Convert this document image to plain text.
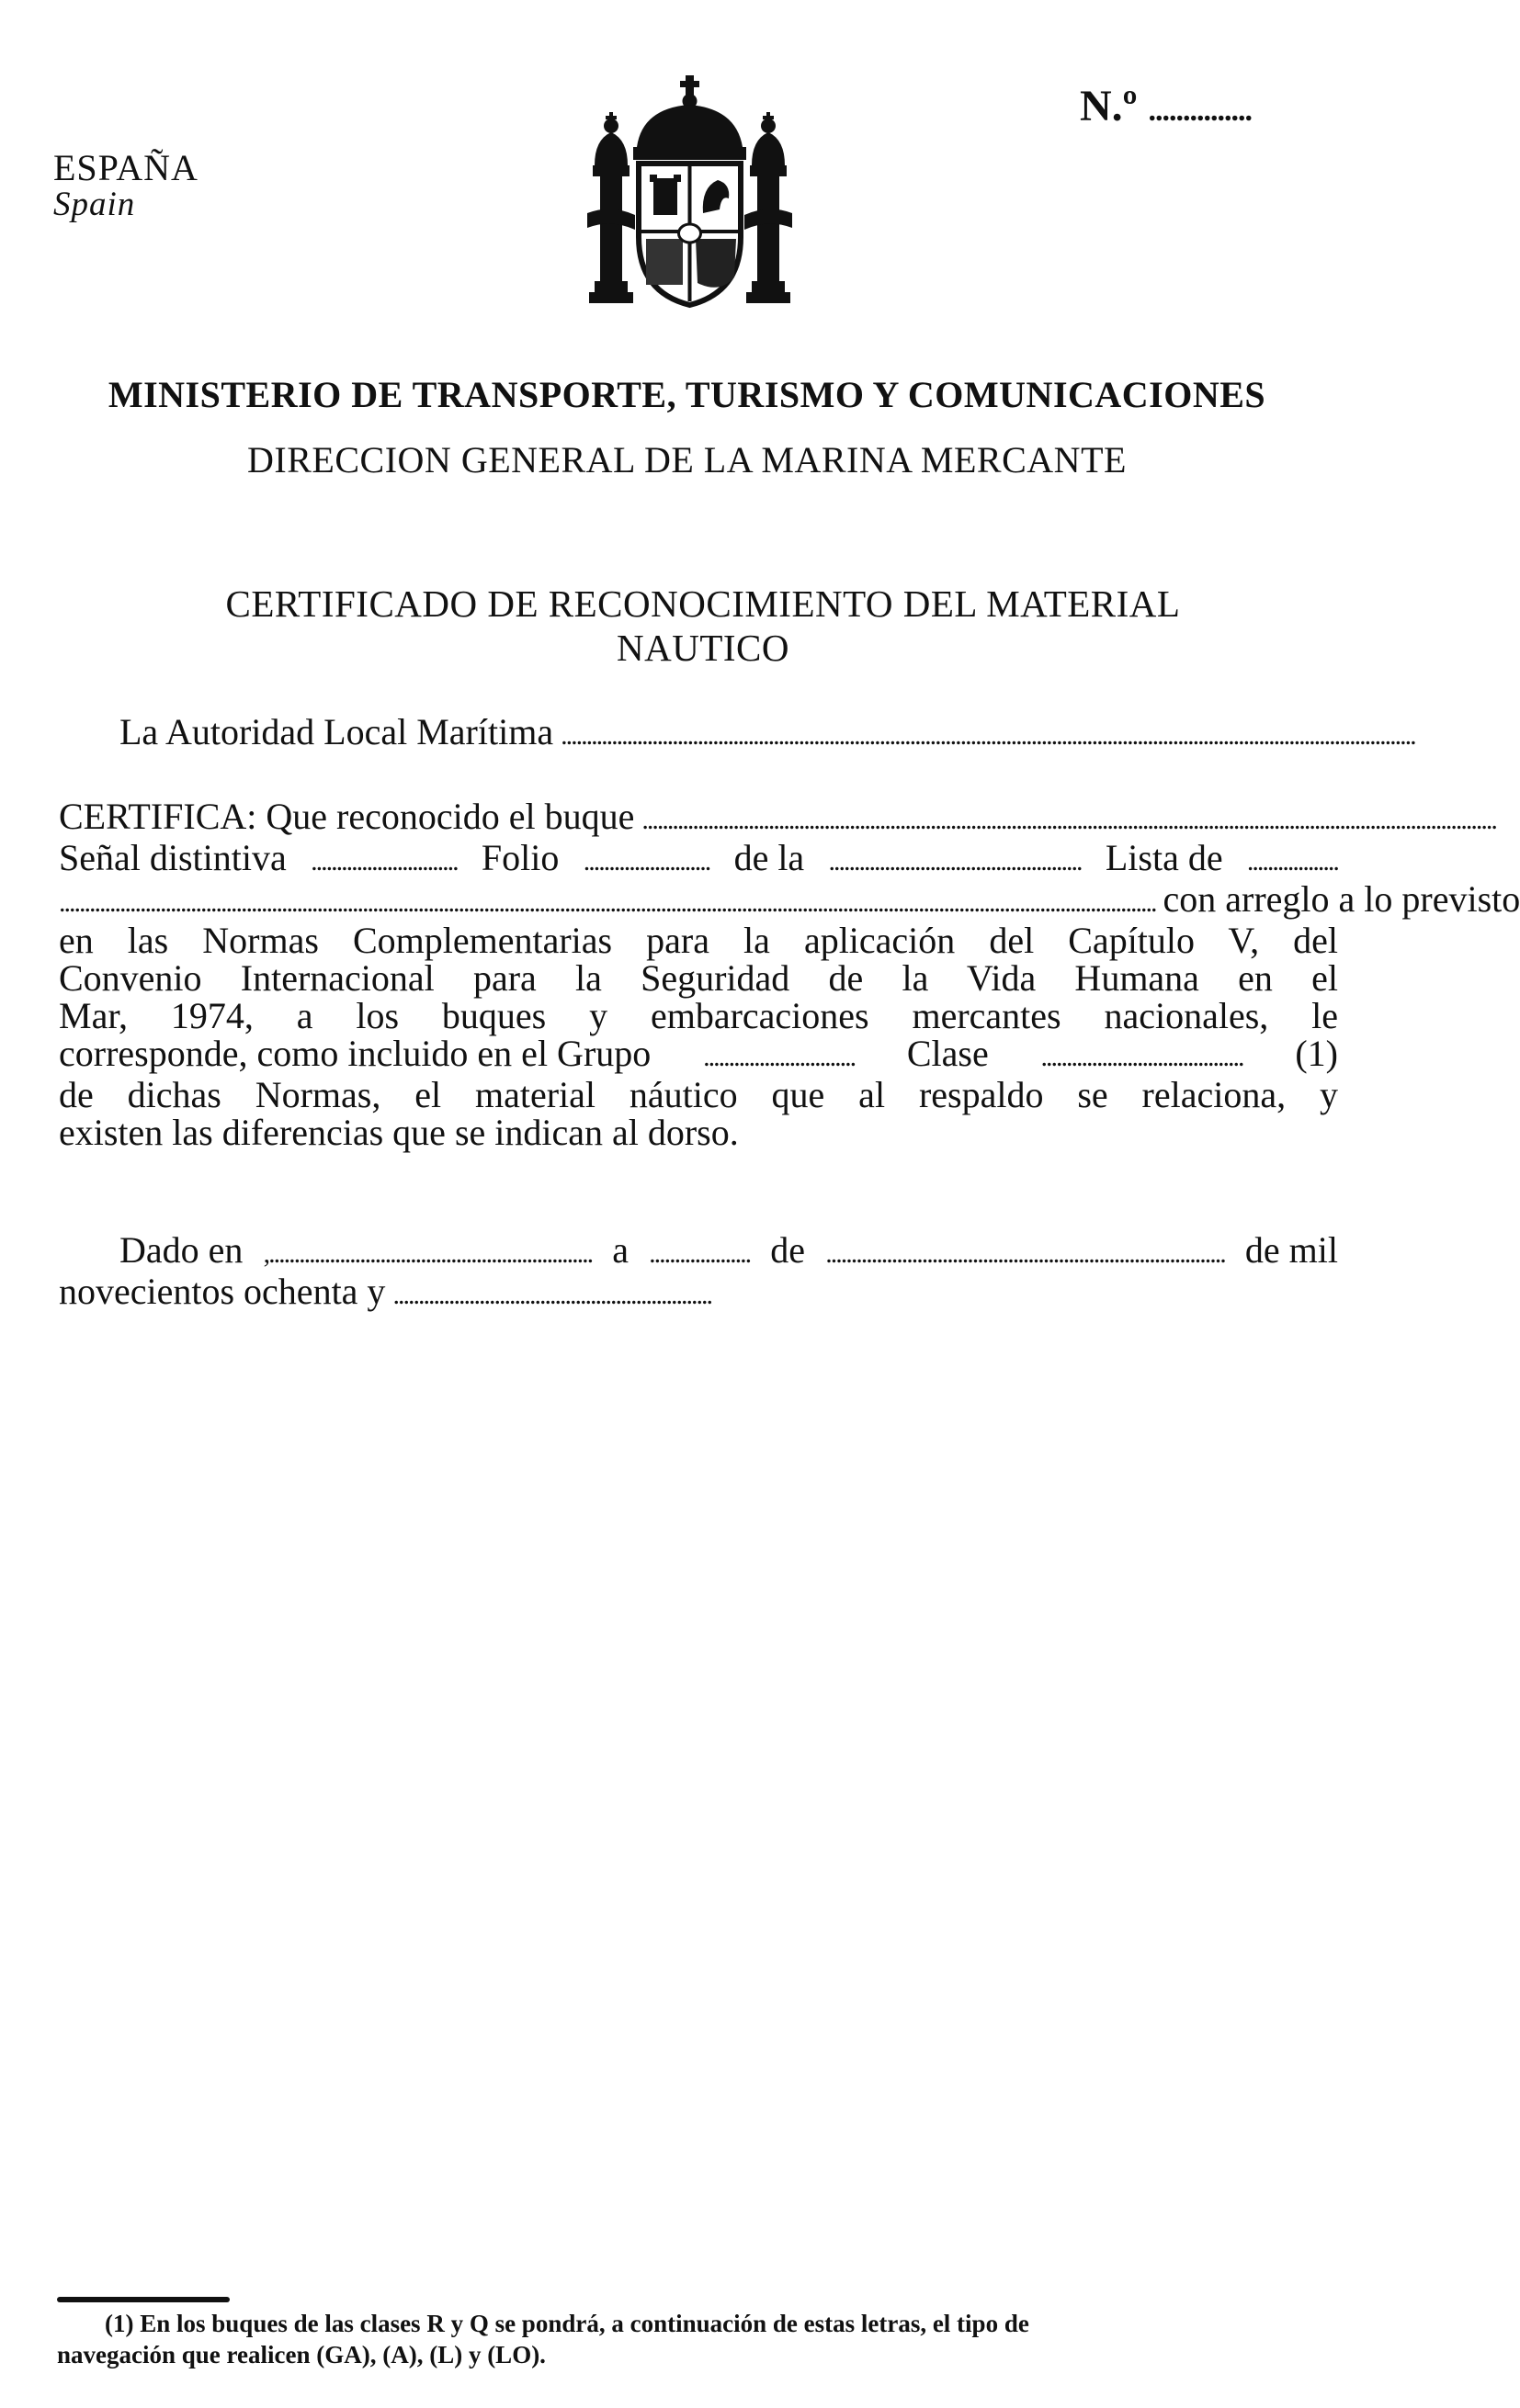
ESPAÑA
Spain
N.º ...............
MINISTERIO DE TRANSPORTE, TURISMO Y COMUNICACIONES
DIRECCION GENERAL DE LA MARINA MERCANTE
CERTIFICADO DE RECONOCIMIENTO DEL MATERIAL
NAUTICO
La Autoridad Local Marítima .........................................................................................................................................................................
CERTIFICA: Que reconocido el buque .........................................................................................................................................................................
Señal distintiva ............................. Folio ......................... de la .................................................. Lista de ..................
......................................................................................................................................................................................................................... con arreglo a lo previsto
en las Normas Complementarias para la aplicación del Capítulo V, del
Convenio Internacional para la Seguridad de la Vida Humana en el
Mar, 1974, a los buques y embarcaciones mercantes nacionales, le
corresponde, como incluido en el Grupo .............................. Clase ........................................ (1)
de dichas Normas, el material náutico que al respaldo se relaciona, y
existen las diferencias que se indican al dorso.
Dado en ,................................................................ a .................... de ............................................................................... de mil
novecientos ochenta y ...............................................................
(1) En los buques de las clases R y Q se pondrá, a continuación de estas letras, el tipo de
navegación que realicen (GA), (A), (L) y (LO).
